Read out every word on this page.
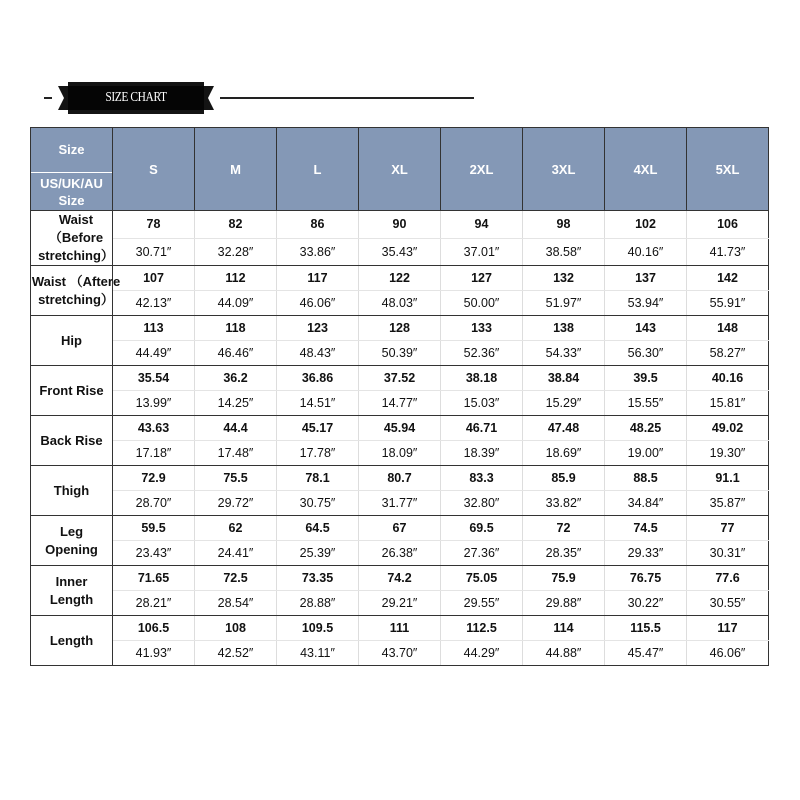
SIZE CHART
Size
US/UK/AU Size	S	M	L	XL	2XL	3XL	4XL	5XL

Waist （Before stretching）	78	82	86	90	94	98	102	106
	30.71″	32.28″	33.86″	35.43″	37.01″	38.58″	40.16″	41.73″

Waist （Aftere stretching）	107	112	117	122	127	132	137	142
	42.13″	44.09″	46.06″	48.03″	50.00″	51.97″	53.94″	55.91″

Hip	113	118	123	128	133	138	143	148
	44.49″	46.46″	48.43″	50.39″	52.36″	54.33″	56.30″	58.27″

Front Rise	35.54	36.2	36.86	37.52	38.18	38.84	39.5	40.16
	13.99″	14.25″	14.51″	14.77″	15.03″	15.29″	15.55″	15.81″

Back Rise	43.63	44.4	45.17	45.94	46.71	47.48	48.25	49.02
	17.18″	17.48″	17.78″	18.09″	18.39″	18.69″	19.00″	19.30″

Thigh	72.9	75.5	78.1	80.7	83.3	85.9	88.5	91.1
	28.70″	29.72″	30.75″	31.77″	32.80″	33.82″	34.84″	35.87″

Leg Opening	59.5	62	64.5	67	69.5	72	74.5	77
	23.43″	24.41″	25.39″	26.38″	27.36″	28.35″	29.33″	30.31″

Inner Length	71.65	72.5	73.35	74.2	75.05	75.9	76.75	77.6
	28.21″	28.54″	28.88″	29.21″	29.55″	29.88″	30.22″	30.55″

Length	106.5	108	109.5	111	112.5	114	115.5	117
	41.93″	42.52″	43.11″	43.70″	44.29″	44.88″	45.47″	46.06″
